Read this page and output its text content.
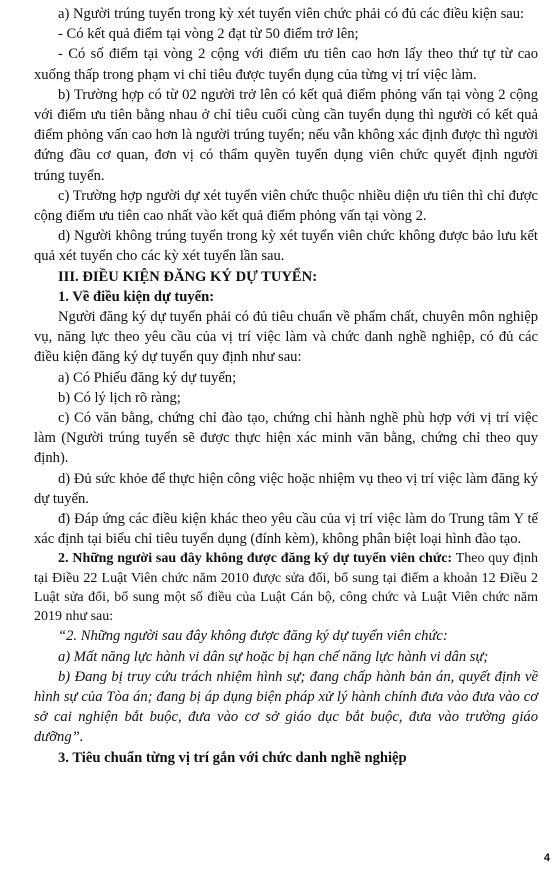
a) Người trúng tuyển trong kỳ xét tuyển viên chức phải có đủ các điều kiện sau:

- Có kết quả điểm tại vòng 2 đạt từ 50 điểm trở lên;

- Có số điểm tại vòng 2 cộng với điểm ưu tiên cao hơn lấy theo thứ tự từ cao xuống thấp trong phạm vi chỉ tiêu được tuyển dụng của từng vị trí việc làm.

b) Trường hợp có từ 02 người trở lên có kết quả điểm phỏng vấn tại vòng 2 cộng với điểm ưu tiên bằng nhau ở chỉ tiêu cuối cùng cần tuyển dụng thì người có kết quả điểm phỏng vấn cao hơn là người trúng tuyển; nếu vẫn không xác định được thì người đứng đầu cơ quan, đơn vị có thẩm quyền tuyển dụng viên chức quyết định người trúng tuyển.

c) Trường hợp người dự xét tuyển viên chức thuộc nhiều diện ưu tiên thì chỉ được cộng điểm ưu tiên cao nhất vào kết quả điểm phỏng vấn tại vòng 2.

d) Người không trúng tuyển trong kỳ xét tuyển viên chức không được bảo lưu kết quả xét tuyển cho các kỳ xét tuyển lần sau.

III. ĐIỀU KIỆN ĐĂNG KÝ DỰ TUYỂN:

1. Về điều kiện dự tuyển:

Người đăng ký dự tuyển phải có đủ tiêu chuẩn về phẩm chất, chuyên môn nghiệp vụ, năng lực theo yêu cầu của vị trí việc làm và chức danh nghề nghiệp, có đủ các điều kiện đăng ký dự tuyển quy định như sau:

a) Có Phiếu đăng ký dự tuyển;

b) Có lý lịch rõ ràng;

c) Có văn bằng, chứng chỉ đào tạo, chứng chỉ hành nghề phù hợp với vị trí việc làm (Người trúng tuyển sẽ được thực hiện xác minh văn bằng, chứng chỉ theo quy định).

d) Đủ sức khỏe để thực hiện công việc hoặc nhiệm vụ theo vị trí việc làm đăng ký dự tuyển.

đ) Đáp ứng các điều kiện khác theo yêu cầu của vị trí việc làm do Trung tâm Y tế xác định tại biểu chỉ tiêu tuyển dụng (đính kèm), không phân biệt loại hình đào tạo.

2. Những người sau đây không được đăng ký dự tuyển viên chức: Theo quy định tại Điều 22 Luật Viên chức năm 2010 được sửa đổi, bổ sung tại điểm a khoản 12 Điều 2 Luật sửa đổi, bổ sung một số điều của Luật Cán bộ, công chức và Luật Viên chức năm 2019 như sau:

“2. Những người sau đây không được đăng ký dự tuyển viên chức:

a) Mất năng lực hành vi dân sự hoặc bị hạn chế năng lực hành vi dân sự;

b) Đang bị truy cứu trách nhiệm hình sự; đang chấp hành bản án, quyết định về hình sự của Tòa án; đang bị áp dụng biện pháp xử lý hành chính đưa vào đưa vào cơ sở cai nghiện bắt buộc, đưa vào cơ sở giáo dục bắt buộc, đưa vào trường giáo dưỡng”.

3. Tiêu chuẩn từng vị trí gắn với chức danh nghề nghiệp

4
